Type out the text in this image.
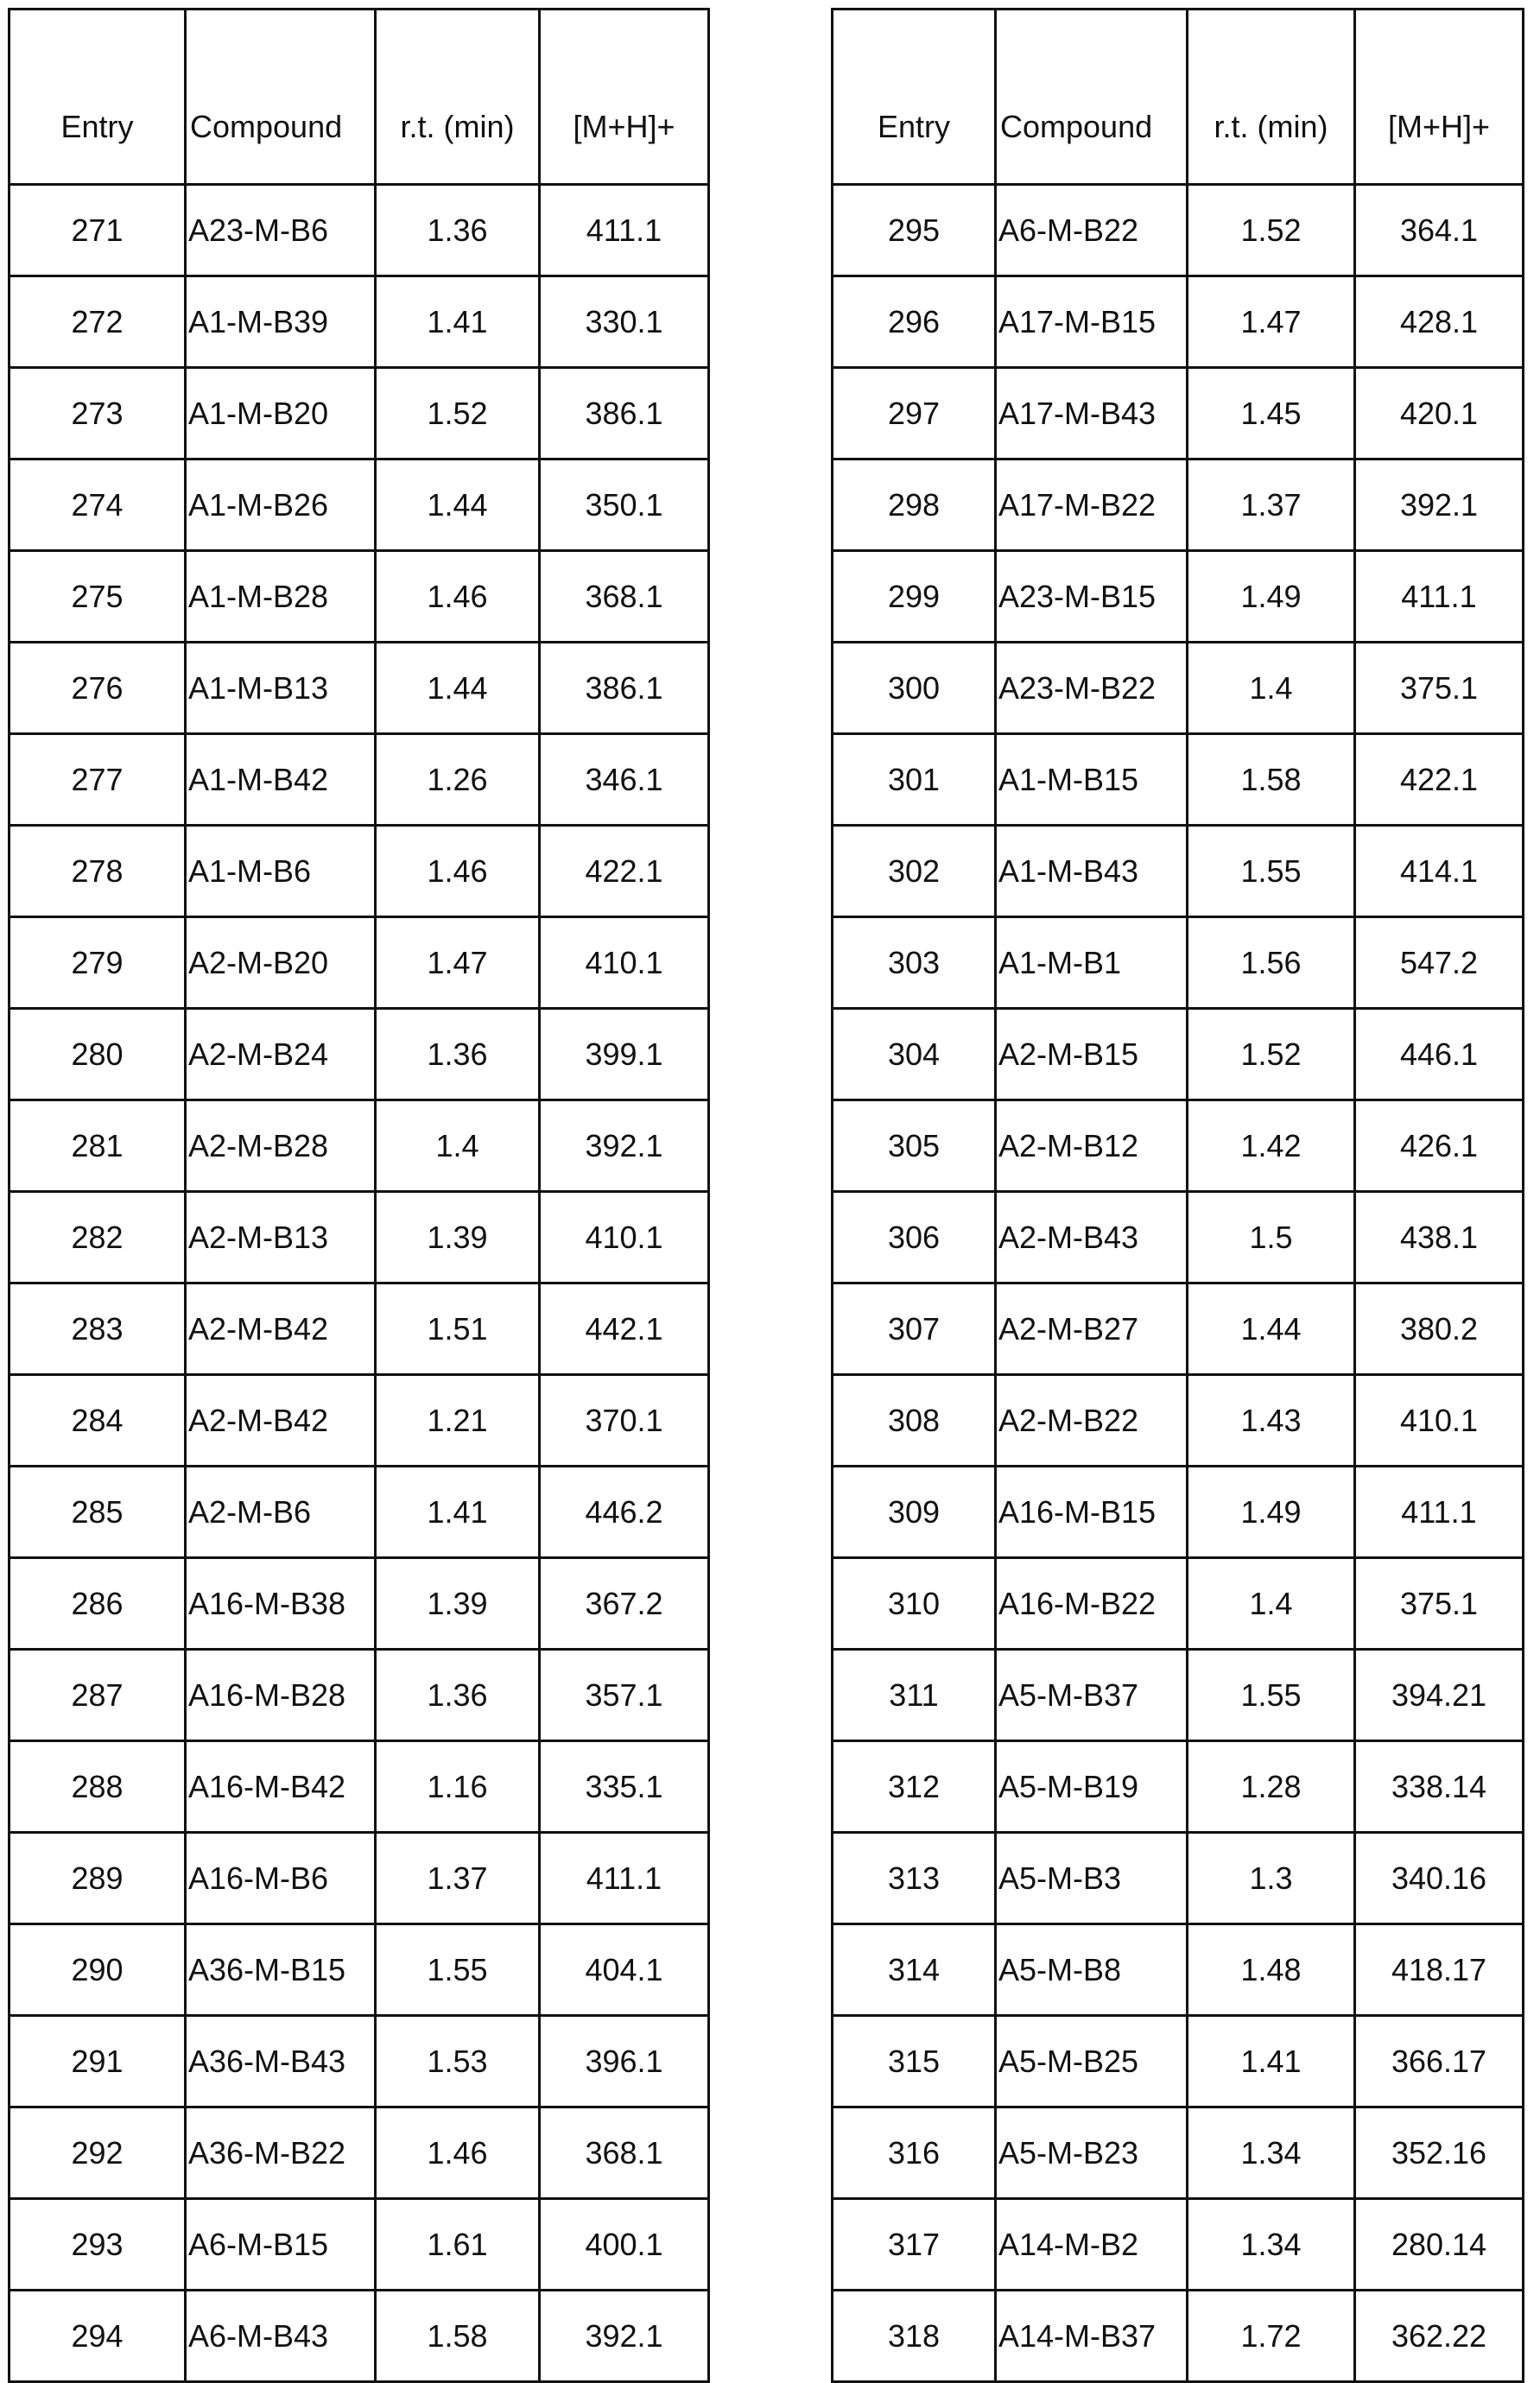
Entry	Compound	r.t. (min)	[M+H]+
271	A23-M-B6	1.36	411.1
272	A1-M-B39	1.41	330.1
273	A1-M-B20	1.52	386.1
274	A1-M-B26	1.44	350.1
275	A1-M-B28	1.46	368.1
276	A1-M-B13	1.44	386.1
277	A1-M-B42	1.26	346.1
278	A1-M-B6	1.46	422.1
279	A2-M-B20	1.47	410.1
280	A2-M-B24	1.36	399.1
281	A2-M-B28	1.4	392.1
282	A2-M-B13	1.39	410.1
283	A2-M-B42	1.51	442.1
284	A2-M-B42	1.21	370.1
285	A2-M-B6	1.41	446.2
286	A16-M-B38	1.39	367.2
287	A16-M-B28	1.36	357.1
288	A16-M-B42	1.16	335.1
289	A16-M-B6	1.37	411.1
290	A36-M-B15	1.55	404.1
291	A36-M-B43	1.53	396.1
292	A36-M-B22	1.46	368.1
293	A6-M-B15	1.61	400.1
294	A6-M-B43	1.58	392.1
Entry	Compound	r.t. (min)	[M+H]+
295	A6-M-B22	1.52	364.1
296	A17-M-B15	1.47	428.1
297	A17-M-B43	1.45	420.1
298	A17-M-B22	1.37	392.1
299	A23-M-B15	1.49	411.1
300	A23-M-B22	1.4	375.1
301	A1-M-B15	1.58	422.1
302	A1-M-B43	1.55	414.1
303	A1-M-B1	1.56	547.2
304	A2-M-B15	1.52	446.1
305	A2-M-B12	1.42	426.1
306	A2-M-B43	1.5	438.1
307	A2-M-B27	1.44	380.2
308	A2-M-B22	1.43	410.1
309	A16-M-B15	1.49	411.1
310	A16-M-B22	1.4	375.1
311	A5-M-B37	1.55	394.21
312	A5-M-B19	1.28	338.14
313	A5-M-B3	1.3	340.16
314	A5-M-B8	1.48	418.17
315	A5-M-B25	1.41	366.17
316	A5-M-B23	1.34	352.16
317	A14-M-B2	1.34	280.14
318	A14-M-B37	1.72	362.22
